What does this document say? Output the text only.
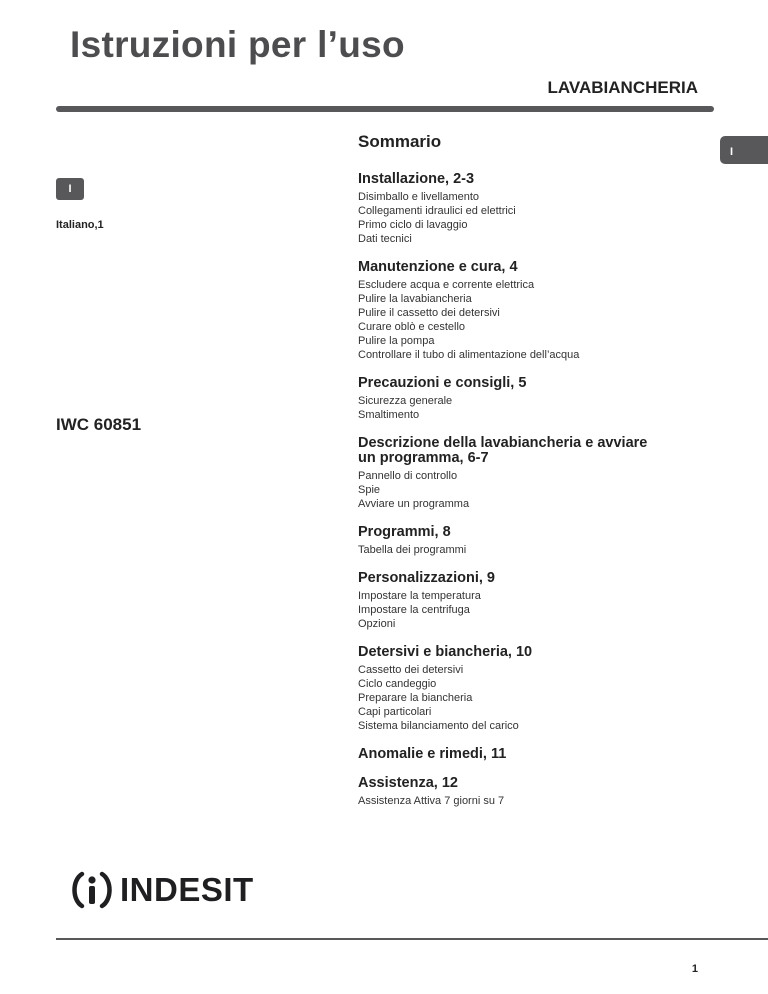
Istruzioni per l’uso
LAVABIANCHERIA
I
I
Italiano,1
IWC 60851
Sommario
Installazione, 2-3
Disimballo e livellamento
Collegamenti idraulici ed elettrici
Primo ciclo di lavaggio
Dati tecnici
Manutenzione e cura, 4
Escludere acqua e corrente elettrica
Pulire la lavabiancheria
Pulire il cassetto dei detersivi
Curare oblò e cestello
Pulire la pompa
Controllare il tubo di alimentazione dell’acqua
Precauzioni e consigli, 5
Sicurezza generale
Smaltimento
Descrizione della lavabiancheria e avviare un programma, 6-7
Pannello di controllo
Spie
Avviare un programma
Programmi, 8
Tabella dei programmi
Personalizzazioni, 9
Impostare la temperatura
Impostare la centrifuga
Opzioni
Detersivi e biancheria, 10
Cassetto dei detersivi
Ciclo candeggio
Preparare la biancheria
Capi particolari
Sistema bilanciamento del carico
Anomalie e rimedi, 11
Assistenza, 12
Assistenza Attiva 7 giorni su 7
INDESIT
1
